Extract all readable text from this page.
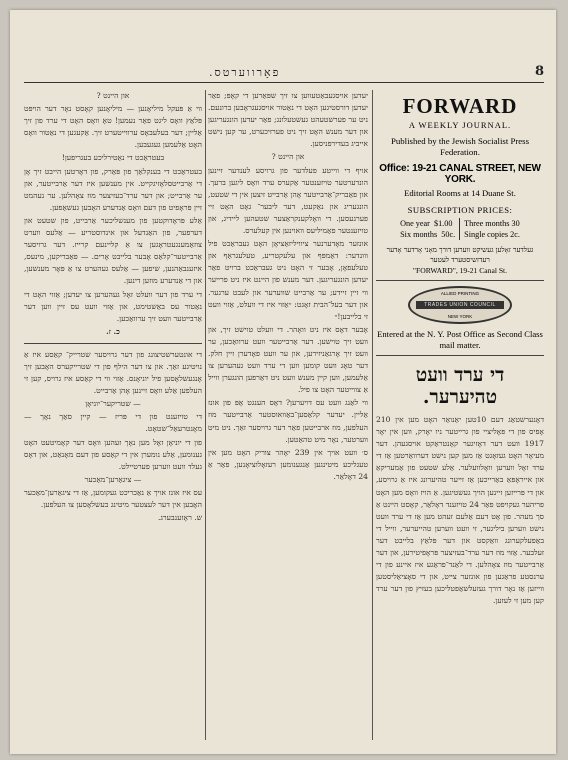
פאָרווערטס.	8

און היינט ?

ווי אַ פּעקל מיליאָנען — מיליאָנען קאָסט נאָר דער הויפּט פּלאַץ וואָס ליגט פאַר נעמען! טאָ וואָס האָט די ערד פון זיך אַליין; דער בעלעבאָס ערווייטערט זיך. אַקעגען די נאַטור וואָס האָט אַלעמען געגעבען.

בעטראַכט די נאַטירליכע בעגריפען!

בעטראַכט די בענקלאַך פון פּאַרק, פון דאָרטען הייבט זיך אָן די אַרבייטסלאָזיגקייט. אין מענשען איז דער אַרבייטער, און ער אַרבייט; און דער ערד־בעזיצער מוז צאָהלען. ער נעהמט זיין פּראָפיט פון דעם וואָס אַנדערע האָבען געשאַפען.

אַלע פּראָדוקטען פון מענשליכער אַרבייט, פון שטעט און דערפער, פון האַנדעל און אינדוסטריע — אַלעס ווערט צוזאַמענגעטראָגען צו אַ קליינעם קרייז. דער גרויסער אַרבייטער־קלאַס אָבער בלייבט אָרים. — פאַבריקען, מינעס, איזענבאַהנען, שיפען — אַלעס געהערט צו אַ פּאָר מענשען, און די אַנדערע מוזען דינען.

די ערד פון דער וועלט זאָל געהערען צו יעדען; אַזוי האָט די נאַטור עס באַשטימט, און אַזוי וועט עס זיין ווען דער אַרבייטער וועט זיך ערוואַכען.

כ. ז.

די אונטערשטיצונג פון דער גרויסער שטרייק־ קאַסע איז אַ נויטיגע זאַך. און צו דער הילף פון די שטרייקערס האָבען זיך אָנגעשלאָסען פיל יוניאָנס. אַזוי ווי די קאַסע איז גרויס, קען זי העלפען אַלע וואָס זיינען אָהן אַרבייט.

— שטריקער־יוניאָן

די טויזענט פון די פּריז — קיין סאַך נאָך — מאָנטרעאַל־שטאָט.

פון די יוניאָן זאָל מען נאָך זעהען וואָס דער קאָמיטעט האָט גענומען, אַלע נומערן אין די קאַסע פון דעם מאָנאַט, און דאָס געלד וועט ווערען פערטיילט.

— ציגאַרען־מאַכער

עס איז אונז אויך אַ נאַכריכט געקומען, אַז די ציגאַרען־מאַכער האָבען אין דער לעצטער מיטינג בעשלאָסען צו העלפען.

ש. ראָזענבערג.

יעדען אויסגעבאַטעווען צו זיך שפּאַרען די קאָפּ; פאַר יעדען דורסטיגען האָט די נאַטור אויסגעגראָבען ברונעם. ניט ער פערשטעהט געשטעלונג; פאַר יעדען הונגעריגען און דער מענש האָט זיך ניט פערזיכערט, ער קען נישט אייביג בעדירפניסען.

און היינט ?

אויף די ווייטע פעלדער פון גרויסע לענדער זיינען הונדערטער טויזענטער אַקערס ערד וואָס ליגען ברעך. און פאַבריק־אַרבייטער אָהן אַרבייט זיצען אין די שטעט, הונגעריג און נאַקעט, דער ליבער־ גאָט האָט זיי פערגעסען. די וואָלקענקראַצער שטעהען ליידיג, און טויזענטער פאַמיליעס וואוינען אין קעלערס.

אונזער מאָדערנער ציוויליזאַציאָן האָט געבראַכט פיל ווונדער: דאַמפּף און עלעקטריע, טעלעגראַף און טעלעפאָן, אָבער זי האָט ניט געבראַכט ברויט פאַר יעדען הונגעריגען. דער מענש פון היינט איז ניט פרייער ווי זיין זיידע; ער אַרבייט שווערער און לעבט ערגער. און דער בעל־הבית זאָגט: ״אַזוי איז די וועלט, אַזוי וועט זי בלייבען!״

אָבער דאָס איז ניט וואָהר. די וועלט טוישט זיך, און וועט זיך טוישען. דער אַרבייטער וועט ערוואַכען, ער וועט זיך אָרגאַניזירען, און ער וועט פאָדערן זיין חלק. דער טאָג וועט קומען ווען די ערד וועט געהערען צו אַלעמען, ווען קיין מענש וועט ניט דאַרפען הונגערן ווייל אַ צווייטער האָט צו פיל.

ווי לאַנג וועט עס דויערען? דאָס הענגט אָפּ פון אונז אַליין. יעדער קלאַסען־באַוואוסטער אַרבייטער מוז העלפען, מוז ארבייטען פאַר דער גרויסער זאַך. ניט מיט ווערטער, נאָר מיט טהאַטען.

ס׳ וועט אויך אין 239 יאָהר צוריק האָט מען אין טעגליכע מיטינגען אַנגענומען רעזאָלוציאָנען, פאַר אַ 24 דאָלאַר.

FORWARD
A WEEKLY JOURNAL.
Published by the Jewish Socialist Press Federation.
Office: 19-21 CANAL STREET, NEW YORK.
Editorial Rooms at 14 Duane St.
SUBSCRIPTION PRICES:
One year $1.00
Six months 50c.
Three months 30
Single copies 2c.
געלדער זאָלען געשיקט ווערען דורך מאָני אָרדער אָדער רעדזשיסטערד לעטער
"FORWARD", 19-21 Canal St.
ALLIED PRINTING
TRADES UNION COUNCIL
NEW YORK
Entered at the N. Y. Post Office as Second Class mail matter.
די ערד וועט טהיערער.
דאָנערשטאַג דעם 10טען יאַנואַר האָט מען אין 210 אָפיס פון די פּאָליציי פון גרייטער ניו יאָרק, ווען אין יאָר 1917 וועט דער דאָזיגער קאָנטראַקט אויסגעהן. דער מעיאָר האָט געזאָגט אַז מען קען נישט דערוואַרטען אַז די ערד זאָל ווערען וואָלוועלער. אַלע שטעט פון אַמעריקאַ און אייראָפּאַ באַרייכען אַז זייער טהיערונג איז אַ גרויסע, און די פּרייזען זיינען הויך געשטיגען. אַ הויז וואָס מען האָט פריהער געקויפט פאַר 24 טויזענד דאָלאַר, קאָסט היינט אַ סך מעהר. פון אָט דעם אַלעם זעהט מען אַז די ערד וועט נישט ווערען ביליגער, זי וועט ווערען טהייערער, ווייל די באַפעלקערונג וואַקסט און דער פּלאַץ בלייבט דער זעלבער. אַזוי מוז דער ערד־בעזיצער פּראָפיטירען, און דער אַרבייטער מוז צאָהלען. די לאַנד־פראַגע איז איינע פון די ערנסטע פראַגען פון אונזער צייט, און די סאָציאַליסטען ווייזען אַז נאָר דורך געזעלשאַפטליכען בעזיץ פון דער ערד קען מען זי לעזען.
